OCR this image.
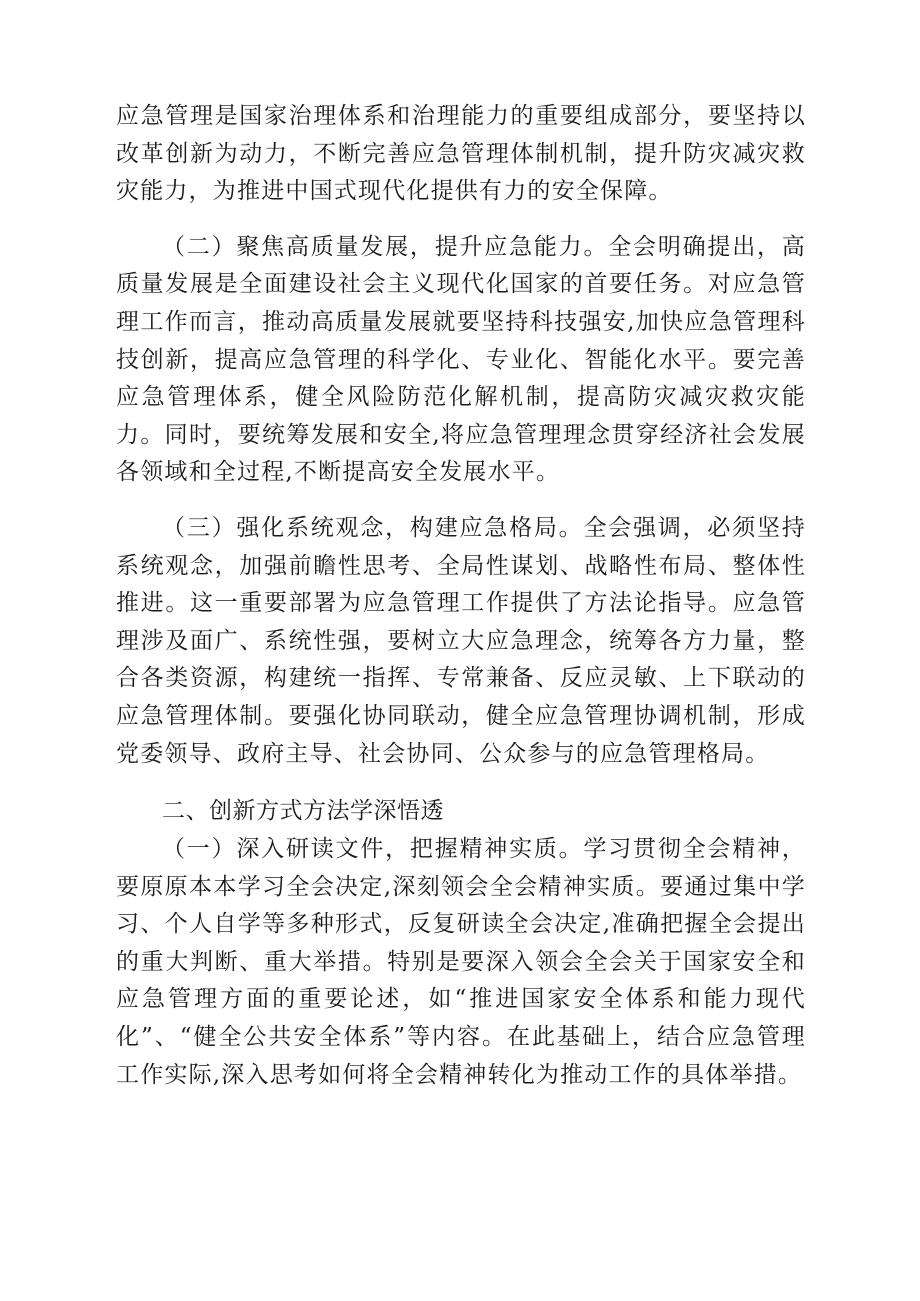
应急管理是国家治理体系和治理能力的重要组成部分，要坚持以改革创新为动力，不断完善应急管理体制机制，提升防灾减灾救灾能力，为推进中国式现代化提供有力的安全保障。

（二）聚焦高质量发展，提升应急能力。全会明确提出，高质量发展是全面建设社会主义现代化国家的首要任务。对应急管理工作而言，推动高质量发展就要坚持科技强安,加快应急管理科技创新，提高应急管理的科学化、专业化、智能化水平。要完善应急管理体系，健全风险防范化解机制，提高防灾减灾救灾能力。同时，要统筹发展和安全,将应急管理理念贯穿经济社会发展各领域和全过程,不断提高安全发展水平。

（三）强化系统观念，构建应急格局。全会强调，必须坚持系统观念，加强前瞻性思考、全局性谋划、战略性布局、整体性推进。这一重要部署为应急管理工作提供了方法论指导。应急管理涉及面广、系统性强，要树立大应急理念，统筹各方力量，整合各类资源，构建统一指挥、专常兼备、反应灵敏、上下联动的应急管理体制。要强化协同联动，健全应急管理协调机制，形成党委领导、政府主导、社会协同、公众参与的应急管理格局。

二、创新方式方法学深悟透

（一）深入研读文件，把握精神实质。学习贯彻全会精神，要原原本本学习全会决定,深刻领会全会精神实质。要通过集中学习、个人自学等多种形式，反复研读全会决定,准确把握全会提出的重大判断、重大举措。特别是要深入领会全会关于国家安全和应急管理方面的重要论述，如“推进国家安全体系和能力现代化”、“健全公共安全体系”等内容。在此基础上，结合应急管理工作实际,深入思考如何将全会精神转化为推动工作的具体举措。
